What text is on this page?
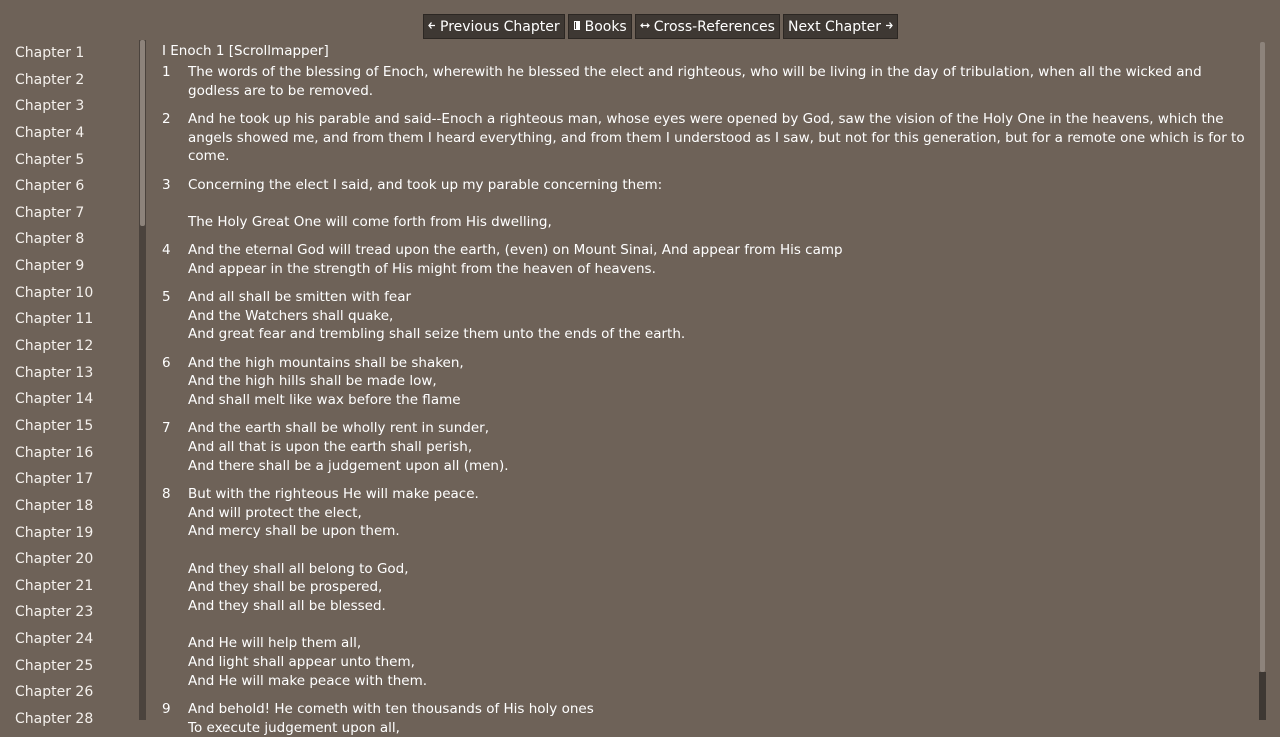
Previous Chapter Books Cross-References Next Chapter
Chapter 1
Chapter 2
Chapter 3
Chapter 4
Chapter 5
Chapter 6
Chapter 7
Chapter 8
Chapter 9
Chapter 10
Chapter 11
Chapter 12
Chapter 13
Chapter 14
Chapter 15
Chapter 16
Chapter 17
Chapter 18
Chapter 19
Chapter 20
Chapter 21
Chapter 23
Chapter 24
Chapter 25
Chapter 26
Chapter 28
I Enoch 1 [Scrollmapper]
1	The words of the blessing of Enoch, wherewith he blessed the elect and righteous, who will be living in the day of tribulation, when all the wicked and godless are to be removed.
2	And he took up his parable and said--Enoch a righteous man, whose eyes were opened by God, saw the vision of the Holy One in the heavens, which the angels showed me, and from them I heard everything, and from them I understood as I saw, but not for this generation, but for a remote one which is for to come.
3	Concerning the elect I said, and took up my parable concerning them:
The Holy Great One will come forth from His dwelling,
4	And the eternal God will tread upon the earth, (even) on Mount Sinai, And appear from His camp
And appear in the strength of His might from the heaven of heavens.
5	And all shall be smitten with fear
And the Watchers shall quake,
And great fear and trembling shall seize them unto the ends of the earth.
6	And the high mountains shall be shaken,
And the high hills shall be made low,
And shall melt like wax before the flame
7	And the earth shall be wholly rent in sunder,
And all that is upon the earth shall perish,
And there shall be a judgement upon all (men).
8	But with the righteous He will make peace.
And will protect the elect,
And mercy shall be upon them.
And they shall all belong to God,
And they shall be prospered,
And they shall all be blessed.
And He will help them all,
And light shall appear unto them,
And He will make peace with them.
9	And behold! He cometh with ten thousands of His holy ones
To execute judgement upon all,
